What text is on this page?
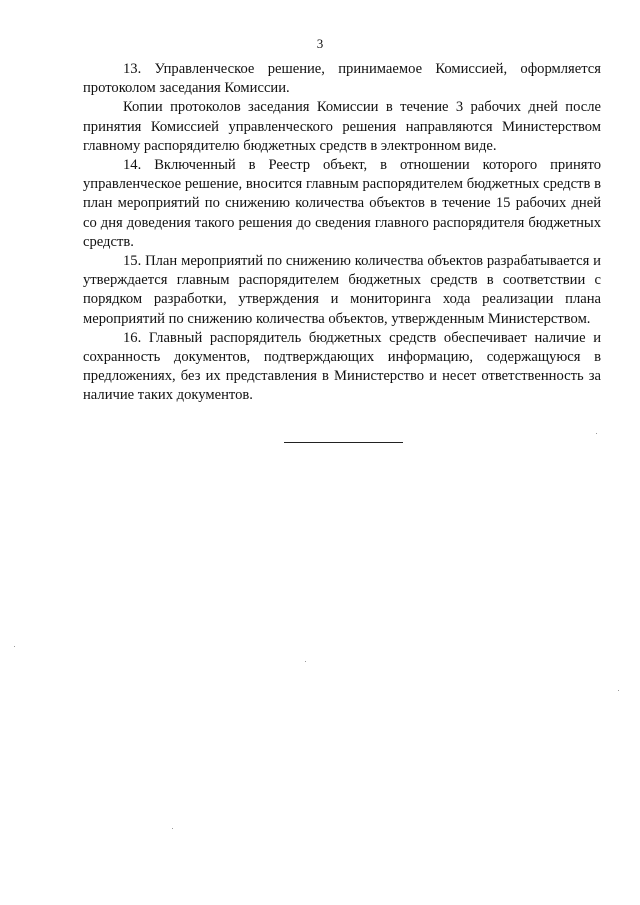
3

13. Управленческое решение, принимаемое Комиссией, оформляется протоколом заседания Комиссии.

Копии протоколов заседания Комиссии в течение 3 рабочих дней после принятия Комиссией управленческого решения направляются Министерством главному распорядителю бюджетных средств в электронном виде.

14. Включенный в Реестр объект, в отношении которого принято управленческое решение, вносится главным распорядителем бюджетных средств в план мероприятий по снижению количества объектов в течение 15 рабочих дней со дня доведения такого решения до сведения главного распорядителя бюджетных средств.

15. План мероприятий по снижению количества объектов разрабатывается и утверждается главным распорядителем бюджетных средств в соответствии с порядком разработки, утверждения и мониторинга хода реализации плана мероприятий по снижению количества объектов, утвержденным Министерством.

16. Главный распорядитель бюджетных средств обеспечивает наличие и сохранность документов, подтверждающих информацию, содержащуюся в предложениях, без их представления в Министерство и несет ответственность за наличие таких документов.
